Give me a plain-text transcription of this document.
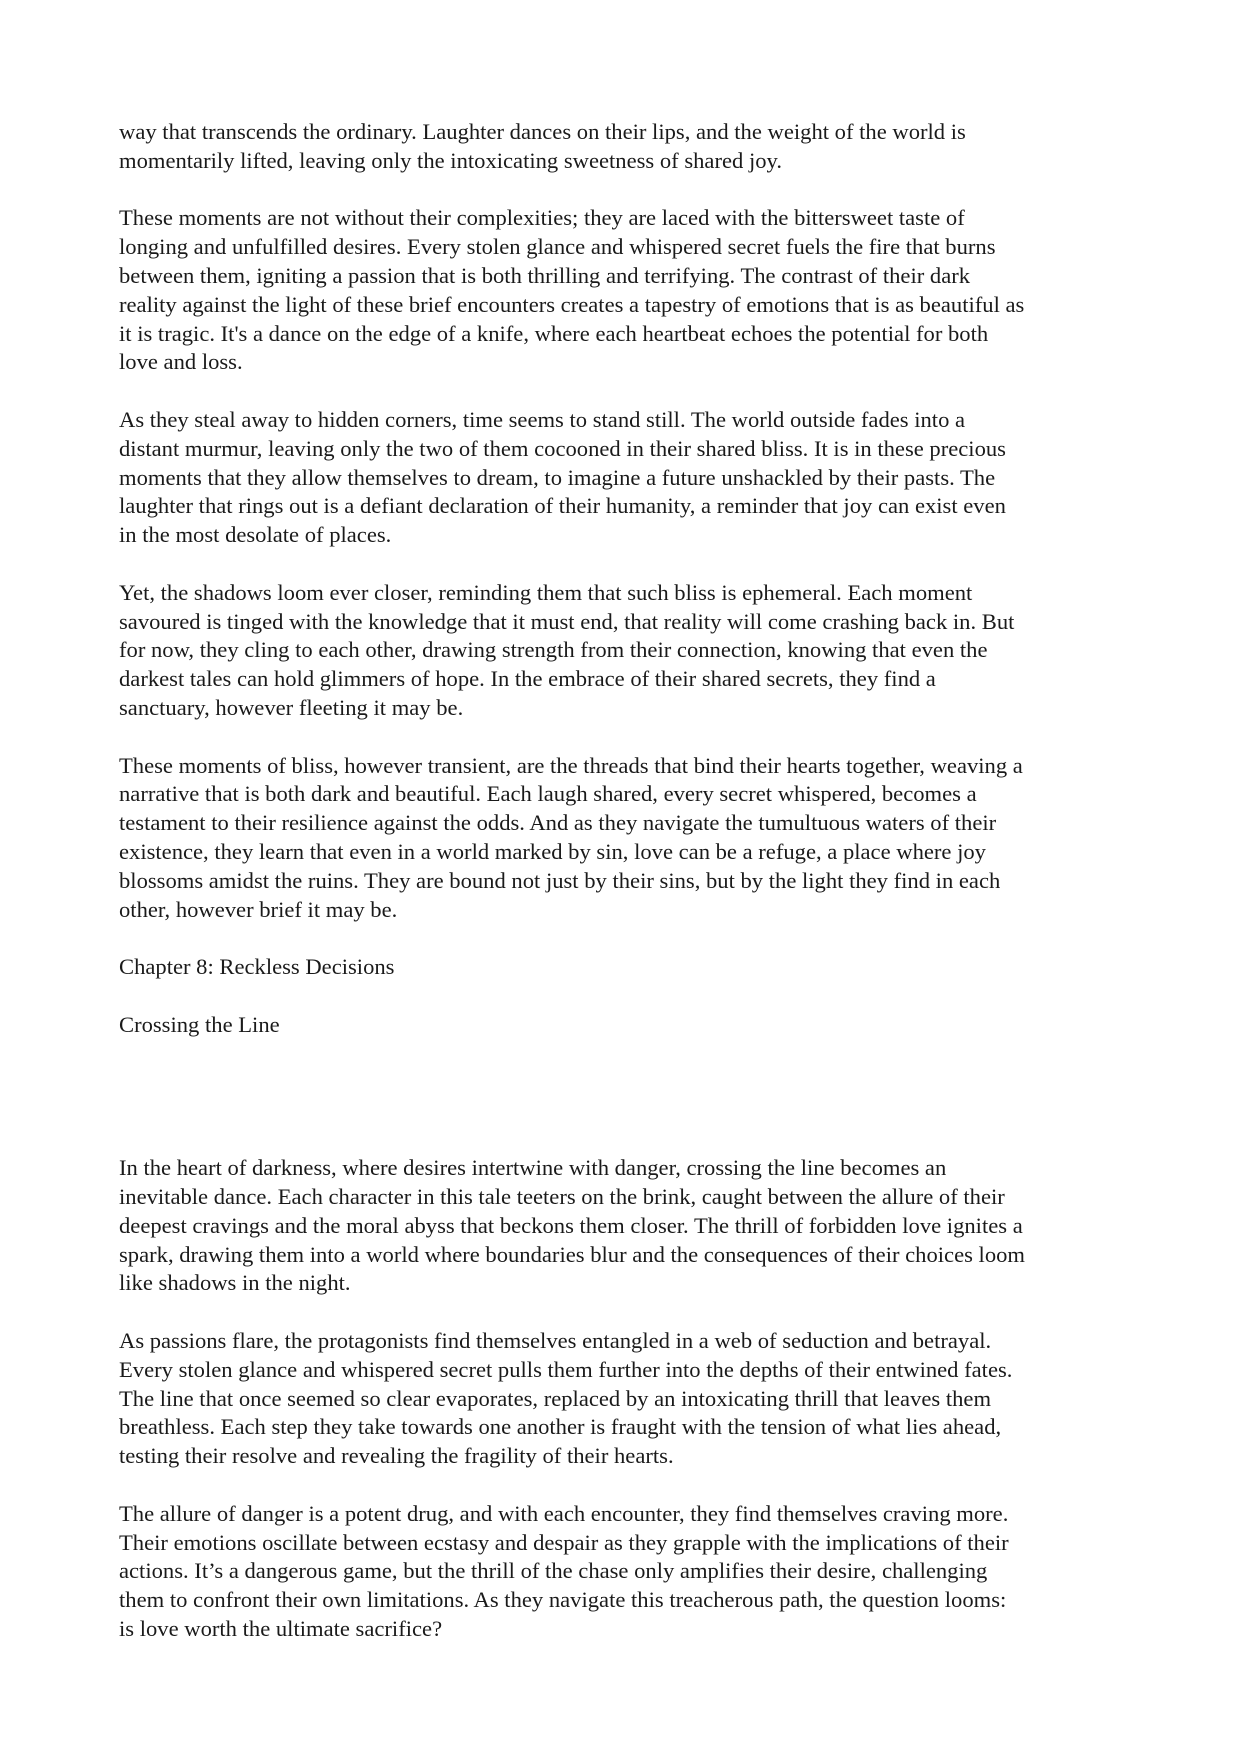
way that transcends the ordinary. Laughter dances on their lips, and the weight of the world is
momentarily lifted, leaving only the intoxicating sweetness of shared joy.

These moments are not without their complexities; they are laced with the bittersweet taste of
longing and unfulfilled desires. Every stolen glance and whispered secret fuels the fire that burns
between them, igniting a passion that is both thrilling and terrifying. The contrast of their dark
reality against the light of these brief encounters creates a tapestry of emotions that is as beautiful as
it is tragic. It's a dance on the edge of a knife, where each heartbeat echoes the potential for both
love and loss.

As they steal away to hidden corners, time seems to stand still. The world outside fades into a
distant murmur, leaving only the two of them cocooned in their shared bliss. It is in these precious
moments that they allow themselves to dream, to imagine a future unshackled by their pasts. The
laughter that rings out is a defiant declaration of their humanity, a reminder that joy can exist even
in the most desolate of places.

Yet, the shadows loom ever closer, reminding them that such bliss is ephemeral. Each moment
savoured is tinged with the knowledge that it must end, that reality will come crashing back in. But
for now, they cling to each other, drawing strength from their connection, knowing that even the
darkest tales can hold glimmers of hope. In the embrace of their shared secrets, they find a
sanctuary, however fleeting it may be.

These moments of bliss, however transient, are the threads that bind their hearts together, weaving a
narrative that is both dark and beautiful. Each laugh shared, every secret whispered, becomes a
testament to their resilience against the odds. And as they navigate the tumultuous waters of their
existence, they learn that even in a world marked by sin, love can be a refuge, a place where joy
blossoms amidst the ruins. They are bound not just by their sins, but by the light they find in each
other, however brief it may be.

Chapter 8: Reckless Decisions
Crossing the Line

In the heart of darkness, where desires intertwine with danger, crossing the line becomes an
inevitable dance. Each character in this tale teeters on the brink, caught between the allure of their
deepest cravings and the moral abyss that beckons them closer. The thrill of forbidden love ignites a
spark, drawing them into a world where boundaries blur and the consequences of their choices loom
like shadows in the night.

As passions flare, the protagonists find themselves entangled in a web of seduction and betrayal.
Every stolen glance and whispered secret pulls them further into the depths of their entwined fates.
The line that once seemed so clear evaporates, replaced by an intoxicating thrill that leaves them
breathless. Each step they take towards one another is fraught with the tension of what lies ahead,
testing their resolve and revealing the fragility of their hearts.

The allure of danger is a potent drug, and with each encounter, they find themselves craving more.
Their emotions oscillate between ecstasy and despair as they grapple with the implications of their
actions. It’s a dangerous game, but the thrill of the chase only amplifies their desire, challenging
them to confront their own limitations. As they navigate this treacherous path, the question looms:
is love worth the ultimate sacrifice?
